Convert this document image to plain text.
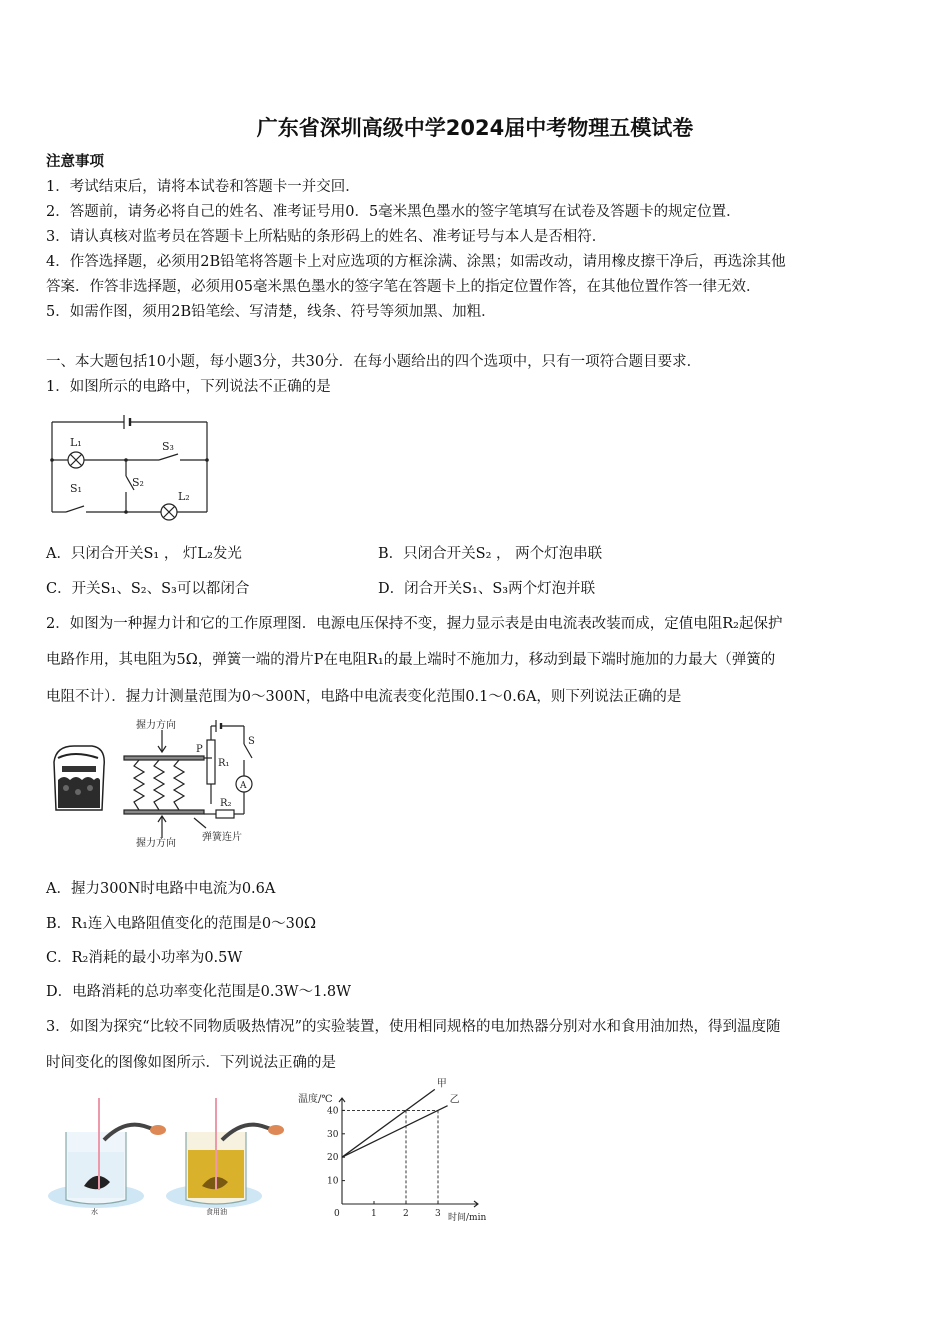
广东省深圳高级中学2024届中考物理五模试卷
注意事项
1．考试结束后，请将本试卷和答题卡一并交回．
2．答题前，请务必将自己的姓名、准考证号用0．5毫米黑色墨水的签字笔填写在试卷及答题卡的规定位置．
3．请认真核对监考员在答题卡上所粘贴的条形码上的姓名、准考证号与本人是否相符．
4．作答选择题，必须用2B铅笔将答题卡上对应选项的方框涂满、涂黑；如需改动，请用橡皮擦干净后，再选涂其他
答案．作答非选择题，必须用05毫米黑色墨水的签字笔在答题卡上的指定位置作答，在其他位置作答一律无效．
5．如需作图，须用2B铅笔绘、写清楚，线条、符号等须加黑、加粗．
一、本大题包括10小题，每小题3分，共30分．在每小题给出的四个选项中，只有一项符合题目要求．
1．如图所示的电路中，下列说法不正确的是
L₁	S₃
S₂
S₁
L₂
A．只闭合开关S₁ ， 灯L₂发光	B．只闭合开关S₂ ， 两个灯泡串联
C．开关S₁、S₂、S₃可以都闭合	D．闭合开关S₁、S₃两个灯泡并联
2．如图为一种握力计和它的工作原理图．电源电压保持不变，握力显示表是由电流表改装而成，定值电阻R₂起保护
电路作用，其电阻为5Ω，弹簧一端的滑片P在电阻R₁的最上端时不施加力，移动到最下端时施加的力最大（弹簧的
电阻不计）．握力计测量范围为0～300N，电路中电流表变化范围0.1～0.6A，则下列说法正确的是
握力方向
握力方向
弹簧连片
P
R₁
R₂
S
A
A．握力300N时电路中电流为0.6A
B．R₁连入电路阻值变化的范围是0～30Ω
C．R₂消耗的最小功率为0.5W
D．电路消耗的总功率变化范围是0.3W～1.8W
3．如图为探究“比较不同物质吸热情况”的实验装置，使用相同规格的电加热器分别对水和食用油加热，得到温度随
时间变化的图像如图所示．下列说法正确的是
水	食用油	1	2	3
10
20
30
40
甲
乙
温度/℃
时间/min
0
